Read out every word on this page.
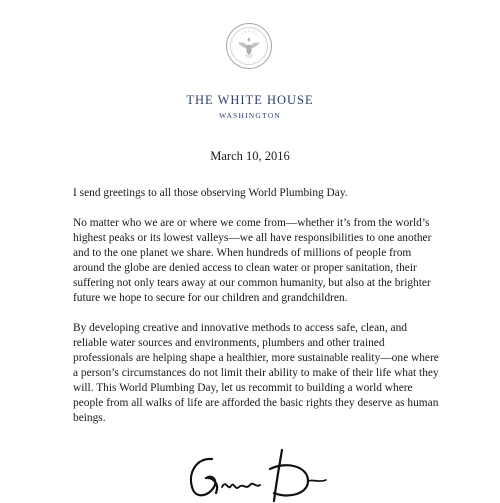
THE WHITE HOUSE
WASHINGTON
March 10, 2016

I send greetings to all those observing World Plumbing Day.

No matter who we are or where we come from—whether it’s from the world’s highest peaks or its lowest valleys—we all have responsibilities to one another and to the one planet we share. When hundreds of millions of people from around the globe are denied access to clean water or proper sanitation, their suffering not only tears away at our common humanity, but also at the brighter future we hope to secure for our children and grandchildren.

By developing creative and innovative methods to access safe, clean, and reliable water sources and environments, plumbers and other trained professionals are helping shape a healthier, more sustainable reality—one where a person’s circumstances do not limit their ability to make of their life what they will. This World Plumbing Day, let us recommit to building a world where people from all walks of life are afforded the basic rights they deserve as human beings.
